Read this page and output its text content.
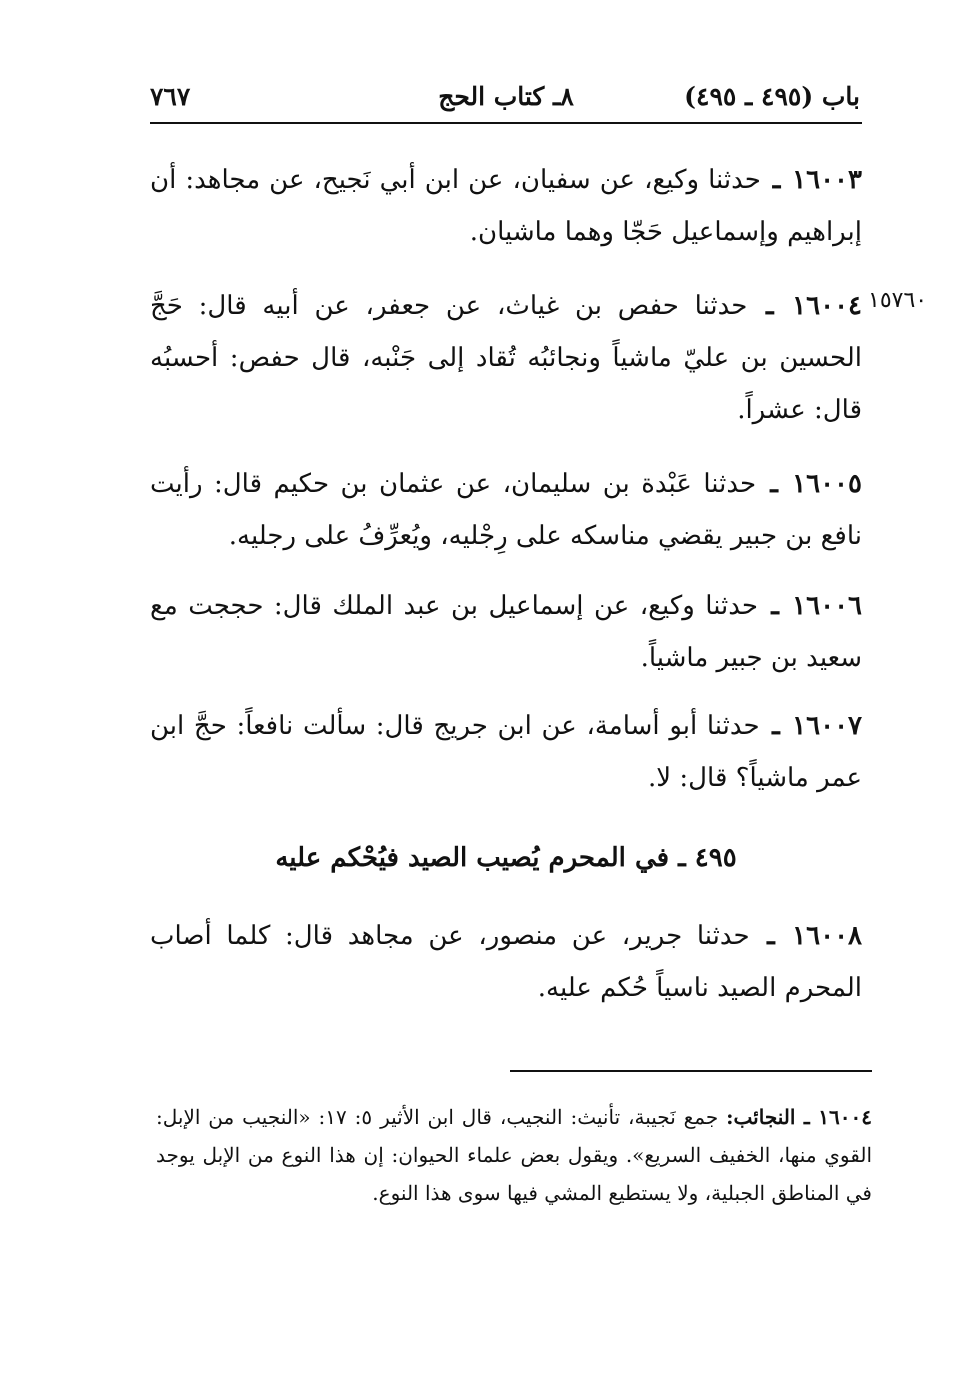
باب (٤٩٥ ـ ٤٩٥)
٨ـ كتاب الحج
٧٦٧

١٦٠٠٣ ـ حدثنا وكيع، عن سفيان، عن ابن أبي نَجيح، عن مجاهد: أن إبراهيم وإسماعيل حَجّا وهما ماشيان.

١٥٧٦٠

١٦٠٠٤ ـ حدثنا حفص بن غياث، عن جعفر، عن أبيه قال: حَجَّ الحسين بن عليّ ماشياً ونجائبُه تُقاد إلى جَنْبه، قال حفص: أحسبُه قال: عشراً.

١٦٠٠٥ ـ حدثنا عَبْدة بن سليمان، عن عثمان بن حكيم قال: رأيت نافع بن جبير يقضي مناسكه على رِجْليه، ويُعرِّفُ على رجليه.

١٦٠٠٦ ـ حدثنا وكيع، عن إسماعيل بن عبد الملك قال: حججت مع سعيد بن جبير ماشياً.

١٦٠٠٧ ـ حدثنا أبو أسامة، عن ابن جريج قال: سألت نافعاً: حجَّ ابن عمر ماشياً؟ قال: لا.

٤٩٥ ـ في المحرم يُصيب الصيد فيُحْكم عليه

١٦٠٠٨ ـ حدثنا جرير، عن منصور، عن مجاهد قال: كلما أصاب المحرم الصيد ناسياً حُكم عليه.

١٦٠٠٤ ـ النجائب: جمع نَجيبة، تأنيث: النجيب، قال ابن الأثير ٥: ١٧: «النجيب من الإبل: القوي منها، الخفيف السريع». ويقول بعض علماء الحيوان: إن هذا النوع من الإبل يوجد في المناطق الجبلية، ولا يستطيع المشي فيها سوى هذا النوع.
